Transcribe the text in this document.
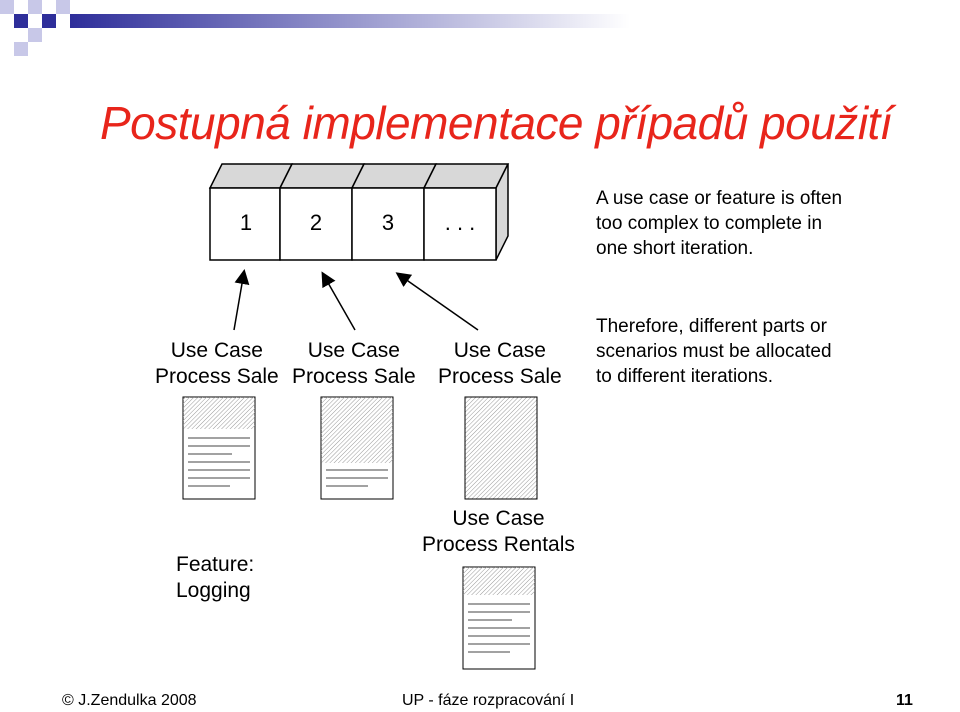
Postupná implementace případů použití
1	2	3	. . .
Use Case
Process Sale
Use Case
Process Sale
Use Case
Process Sale
Feature:
Logging
Use Case
Process Rentals
A use case or feature is often too complex to complete in one short iteration.
Therefore, different parts or scenarios must be allocated to different iterations.
© J.Zendulka 2008	UP - fáze rozpracování I	11
